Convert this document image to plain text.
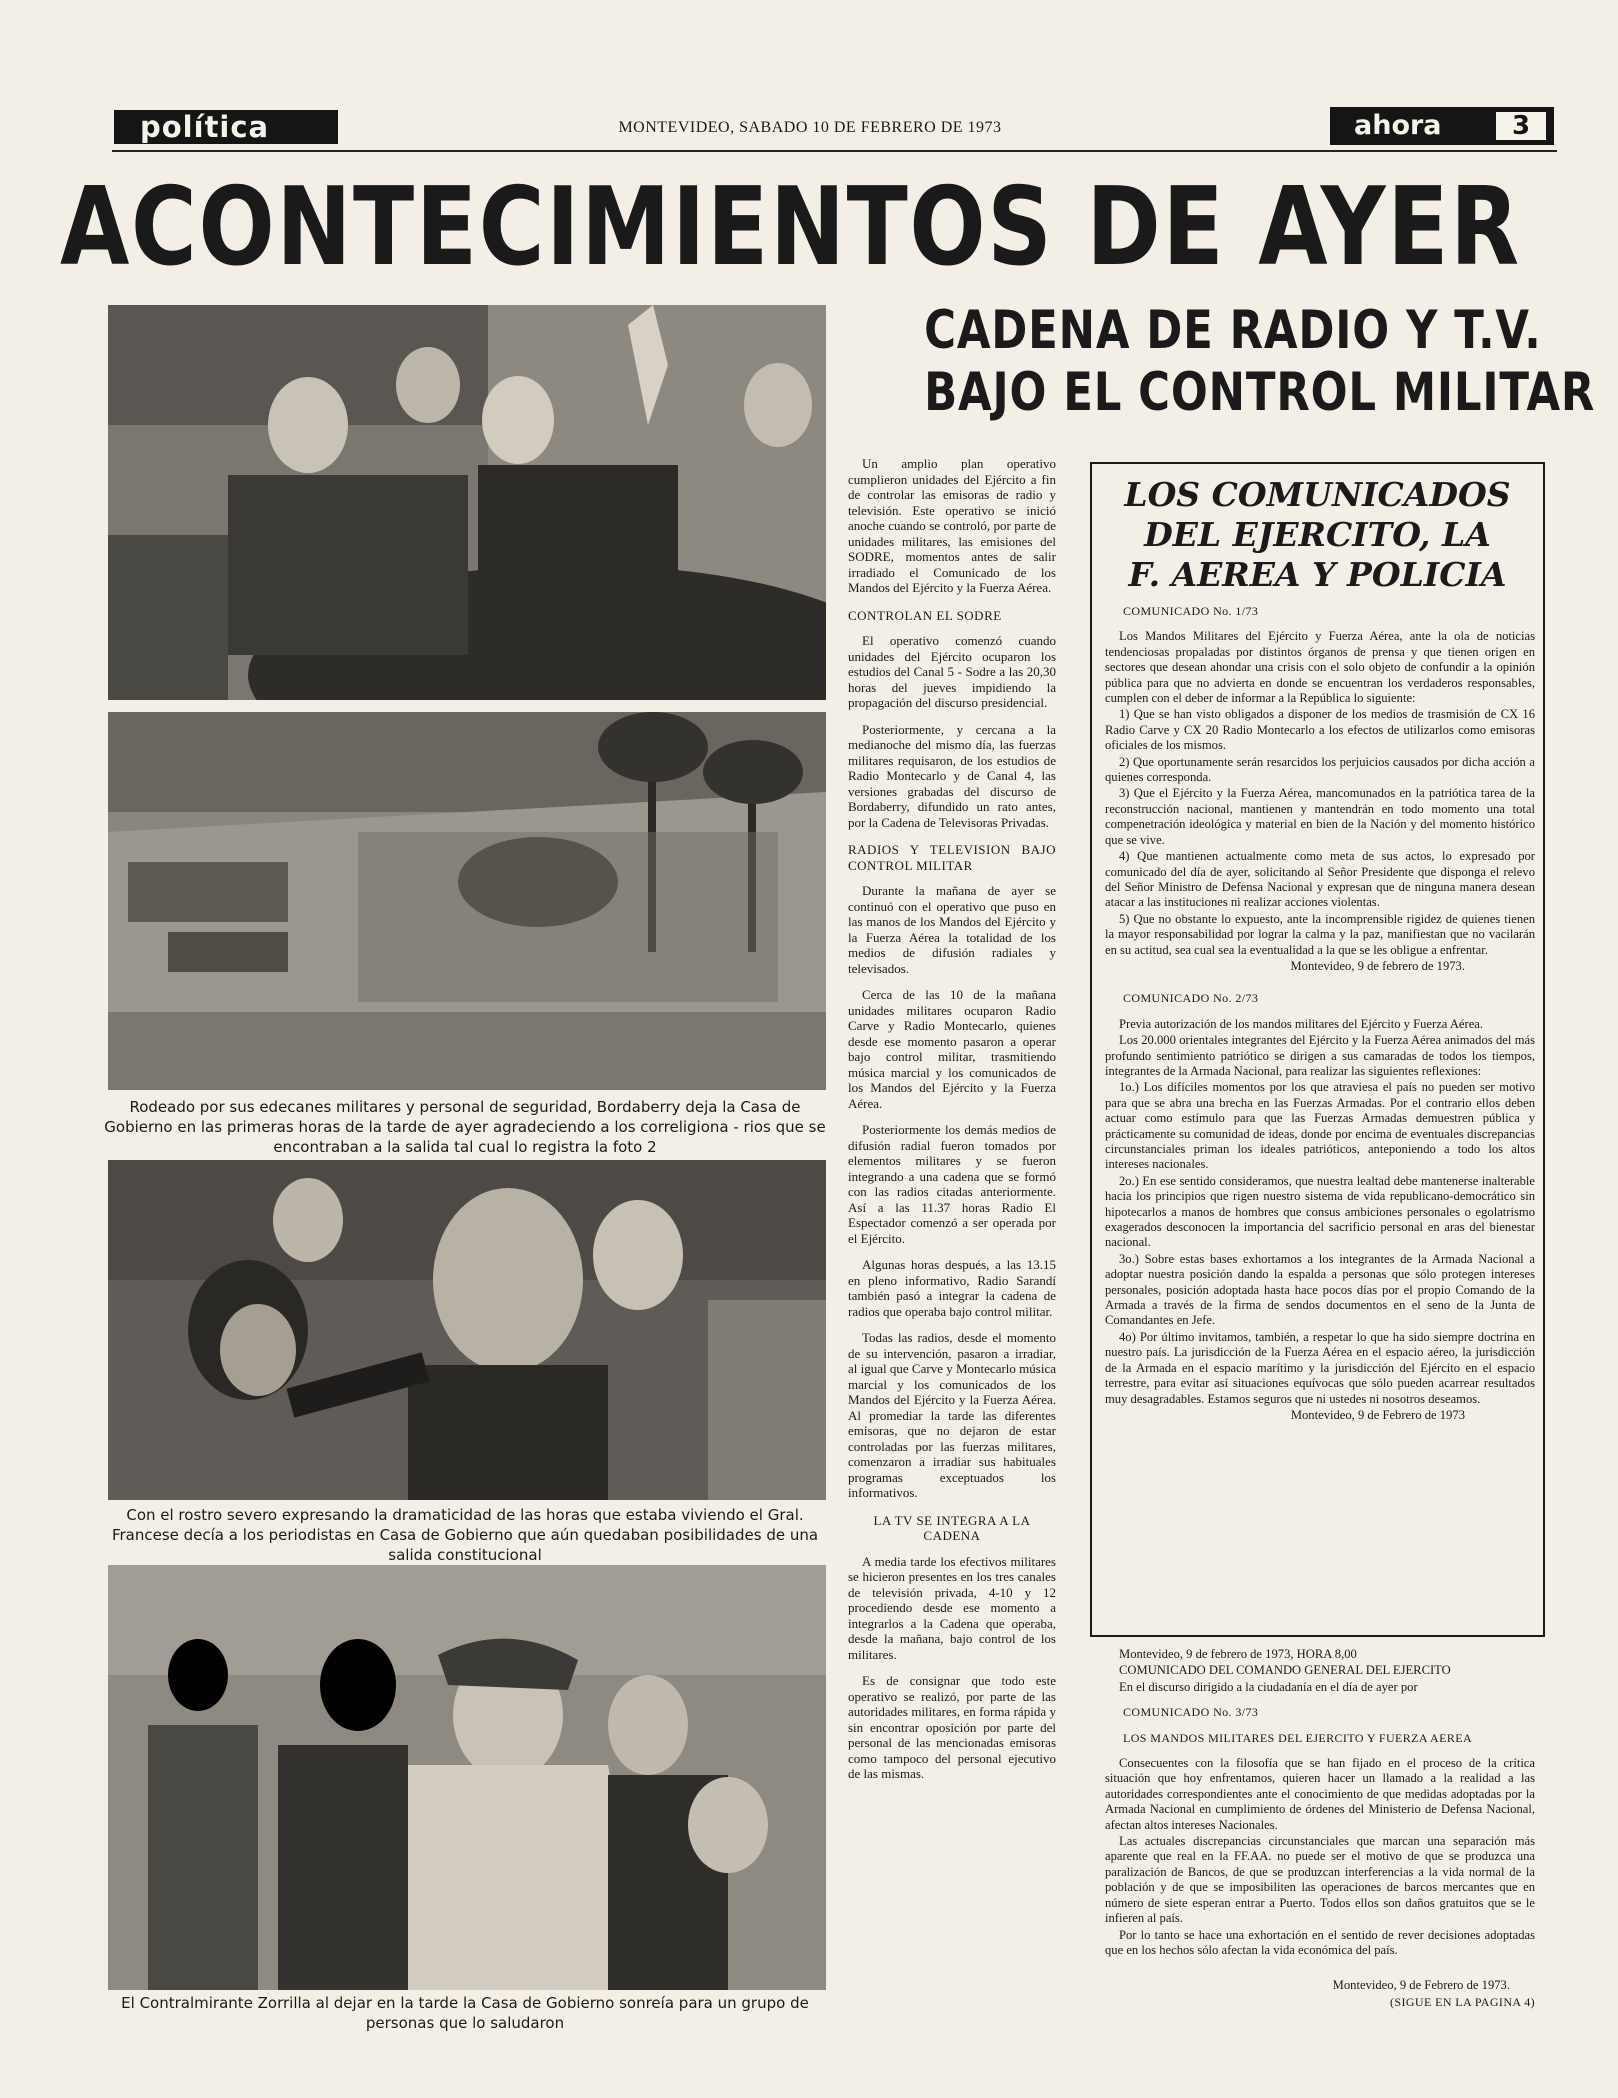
política	MONTEVIDEO, SABADO 10 DE FEBRERO DE 1973	ahora	3
ACONTECIMIENTOS DE AYER
Rodeado por sus edecanes militares y personal de seguridad, Bordaberry deja la Casa de Gobierno en las primeras horas de la tarde de ayer agradeciendo a los correligiona - rios que se encontraban a la salida tal cual lo registra la foto 2
Con el rostro severo expresando la dramaticidad de las horas que estaba viviendo el Gral. Francese decía a los periodistas en Casa de Gobierno que aún quedaban posibilidades de una salida constitucional
El Contralmirante Zorrilla al dejar en la tarde la Casa de Gobierno sonreía para un grupo de personas que lo saludaron
CADENA DE RADIO Y T.V.
BAJO EL CONTROL MILITAR

Un amplio plan operativo cumplieron unidades del Ejército a fin de controlar las emisoras de radio y televisión. Este operativo se inició anoche cuando se controló, por parte de unidades militares, las emisiones del SODRE, momentos antes de salir irradiado el Comunicado de los Mandos del Ejército y la Fuerza Aérea.

CONTROLAN EL SODRE

El operativo comenzó cuando unidades del Ejército ocuparon los estudios del Canal 5 - Sodre a las 20,30 horas del jueves impidiendo la propagación del discurso presidencial.

Posteriormente, y cercana a la medianoche del mismo día, las fuerzas militares requisaron, de los estudios de Radio Montecarlo y de Canal 4, las versiones grabadas del discurso de Bordaberry, difundido un rato antes, por la Cadena de Televisoras Privadas.

RADIOS Y TELEVISION BAJO CONTROL MILITAR

Durante la mañana de ayer se continuó con el operativo que puso en las manos de los Mandos del Ejército y la Fuerza Aérea la totalidad de los medios de difusión radiales y televisados.

Cerca de las 10 de la mañana unidades militares ocuparon Radio Carve y Radio Montecarlo, quienes desde ese momento pasaron a operar bajo control militar, trasmitiendo música marcial y los comunicados de los Mandos del Ejército y la Fuerza Aérea.

Posteriormente los demás medios de difusión radial fueron tomados por elementos militares y se fueron integrando a una cadena que se formó con las radios citadas anteriormente. Así a las 11.37 horas Radio El Espectador comenzó a ser operada por el Ejército.

Algunas horas después, a las 13.15 en pleno informativo, Radio Sarandí también pasó a integrar la cadena de radios que operaba bajo control militar.

Todas las radios, desde el momento de su intervención, pasaron a irradiar, al igual que Carve y Montecarlo música marcial y los comunicados de los Mandos del Ejército y la Fuerza Aérea. Al promediar la tarde las diferentes emisoras, que no dejaron de estar controladas por las fuerzas militares, comenzaron a irradiar sus habituales programas exceptuados los informativos.

LA TV SE INTEGRA A LA CADENA

A media tarde los efectivos militares se hicieron presentes en los tres canales de televisión privada, 4-10 y 12 procediendo desde ese momento a integrarlos a la Cadena que operaba, desde la mañana, bajo control de los militares.

Es de consignar que todo este operativo se realizó, por parte de las autoridades militares, en forma rápida y sin encontrar oposición por parte del personal de las mencionadas emisoras como tampoco del personal ejecutivo de las mismas.

LOS COMUNICADOS
DEL EJERCITO, LA
F. AEREA Y POLICIA

COMUNICADO No. 1/73

Los Mandos Militares del Ejército y Fuerza Aérea, ante la ola de noticias tendenciosas propaladas por distintos órganos de prensa y que tienen origen en sectores que desean ahondar una crisis con el solo objeto de confundir a la opinión pública para que no advierta en donde se encuentran los verdaderos responsables, cumplen con el deber de informar a la República lo siguiente:

1) Que se han visto obligados a disponer de los medios de trasmisión de CX 16 Radio Carve y CX 20 Radio Montecarlo a los efectos de utilizarlos como emisoras oficiales de los mismos.

2) Que oportunamente serán resarcidos los perjuicios causados por dicha acción a quienes corresponda.

3) Que el Ejército y la Fuerza Aérea, mancomunados en la patriótica tarea de la reconstrucción nacional, mantienen y mantendrán en todo momento una total compenetración ideológica y material en bien de la Nación y del momento histórico que se vive.

4) Que mantienen actualmente como meta de sus actos, lo expresado por comunicado del día de ayer, solicitando al Señor Presidente que disponga el relevo del Señor Ministro de Defensa Nacional y expresan que de ninguna manera desean atacar a las instituciones ni realizar acciones violentas.

5) Que no obstante lo expuesto, ante la incomprensible rigidez de quienes tienen la mayor responsabilidad por lograr la calma y la paz, manifiestan que no vacilarán en su actitud, sea cual sea la eventualidad a la que se les obligue a enfrentar.

Montevideo, 9 de febrero de 1973.

COMUNICADO No. 2/73

Previa autorización de los mandos militares del Ejército y Fuerza Aérea.

Los 20.000 orientales integrantes del Ejército y la Fuerza Aérea animados del más profundo sentimiento patriótico se dirigen a sus camaradas de todos los tiempos, integrantes de la Armada Nacional, para realizar las siguientes reflexiones:

1o.) Los difíciles momentos por los que atraviesa el país no pueden ser motivo para que se abra una brecha en las Fuerzas Armadas. Por el contrario ellos deben actuar como estímulo para que las Fuerzas Armadas demuestren pública y prácticamente su comunidad de ideas, donde por encima de eventuales discrepancias circunstanciales priman los ideales patrióticos, anteponiendo a todo los altos intereses nacionales.

2o.) En ese sentido consideramos, que nuestra lealtad debe mantenerse inalterable hacia los principios que rigen nuestro sistema de vida republicano-democrático sin hipotecarlos a manos de hombres que consus ambiciones personales o egolatrismo exagerados desconocen la importancia del sacrificio personal en aras del bienestar nacional.

3o.) Sobre estas bases exhortamos a los integrantes de la Armada Nacional a adoptar nuestra posición dando la espalda a personas que sólo protegen intereses personales, posición adoptada hasta hace pocos días por el propio Comando de la Armada a través de la firma de sendos documentos en el seno de la Junta de Comandantes en Jefe.

4o) Por último invitamos, también, a respetar lo que ha sido siempre doctrina en nuestro país. La jurisdicción de la Fuerza Aérea en el espacio aéreo, la jurisdicción de la Armada en el espacio marítimo y la jurisdicción del Ejército en el espacio terrestre, para evitar así situaciones equívocas que sólo pueden acarrear resultados muy desagradables. Estamos seguros que ni ustedes ni nosotros deseamos.

Montevideo, 9 de Febrero de 1973

Montevideo, 9 de febrero de 1973, HORA 8,00

COMUNICADO DEL COMANDO GENERAL DEL EJERCITO

En el discurso dirigido a la ciudadanía en el día de ayer por

COMUNICADO No. 3/73

LOS MANDOS MILITARES DEL EJERCITO Y FUERZA AEREA

Consecuentes con la filosofía que se han fijado en el proceso de la crítica situación que hoy enfrentamos, quieren hacer un llamado a la realidad a las autoridades correspondientes ante el conocimiento de que medidas adoptadas por la Armada Nacional en cumplimiento de órdenes del Ministerio de Defensa Nacional, afectan altos intereses Nacionales.

Las actuales discrepancias circunstanciales que marcan una separación más aparente que real en la FF.AA. no puede ser el motivo de que se produzca una paralización de Bancos, de que se produzcan interferencias a la vida normal de la población y de que se imposibiliten las operaciones de barcos mercantes que en número de siete esperan entrar a Puerto. Todos ellos son daños gratuitos que se le infieren al país.

Por lo tanto se hace una exhortación en el sentido de rever decisiones adoptadas que en los hechos sólo afectan la vida económica del país.

Montevideo, 9 de Febrero de 1973.

(SIGUE EN LA PAGINA 4)
